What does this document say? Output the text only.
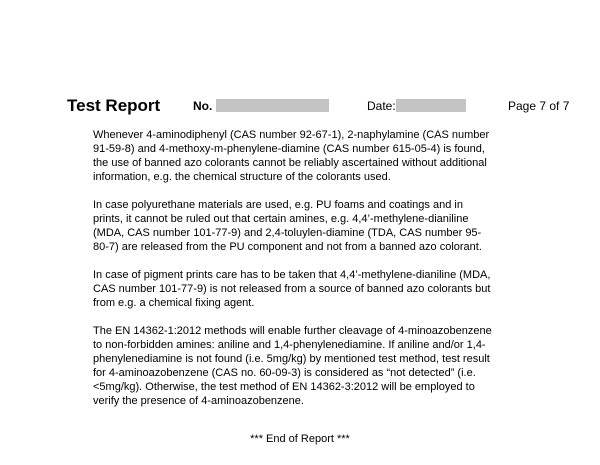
Test Report	No.	Date:	Page 7 of 7

Whenever 4-aminodiphenyl (CAS number 92-67-1), 2-naphylamine (CAS number
91-59-8) and 4-methoxy-m-phenylene-diamine (CAS number 615-05-4) is found,
the use of banned azo colorants cannot be reliably ascertained without additional
information, e.g. the chemical structure of the colorants used.

In case polyurethane materials are used, e.g. PU foams and coatings and in
prints, it cannot be ruled out that certain amines, e.g. 4,4’-methylene-dianiline
(MDA, CAS number 101-77-9) and 2,4-toluylen-diamine (TDA, CAS number 95-
80-7) are released from the PU component and not from a banned azo colorant.

In case of pigment prints care has to be taken that 4,4’-methylene-dianiline (MDA,
CAS number 101-77-9) is not released from a source of banned azo colorants but
from e.g. a chemical fixing agent.

The EN 14362-1:2012 methods will enable further cleavage of 4-minoazobenzene
to non-forbidden amines: aniline and 1,4-phenylenediamine. If aniline and/or 1,4-
phenylenediamine is not found (i.e. 5mg/kg) by mentioned test method, test result
for 4-aminoazobenzene (CAS no. 60-09-3) is considered as “not detected” (i.e.
<5mg/kg). Otherwise, the test method of EN 14362-3:2012 will be employed to
verify the presence of 4-aminoazobenzene.

*** End of Report ***
